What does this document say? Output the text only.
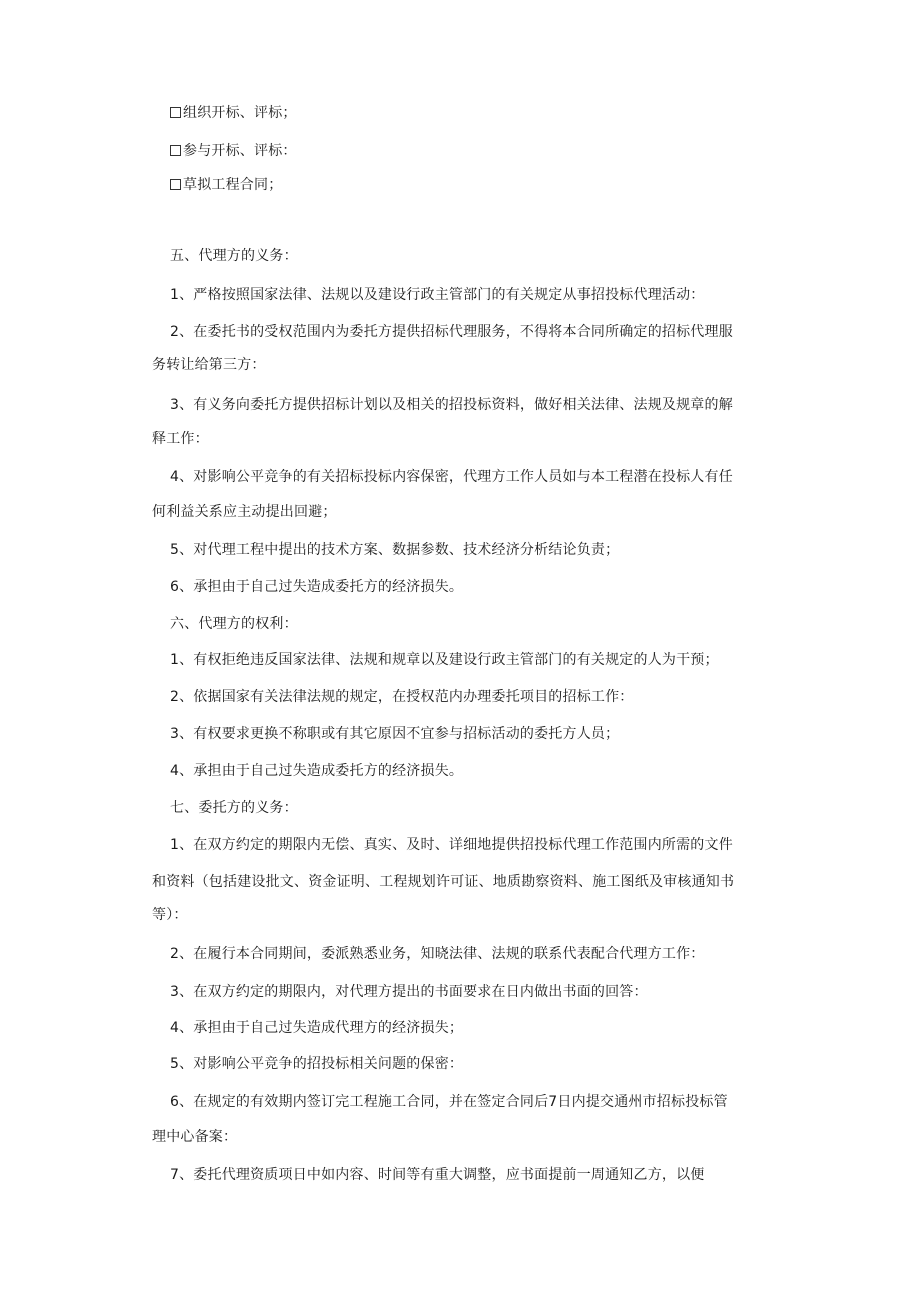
组织开标、评标；
参与开标、评标：
草拟工程合同；
五、代理方的义务：
1、严格按照国家法律、法规以及建设行政主管部门的有关规定从事招投标代理活动：
2、在委托书的受权范围内为委托方提供招标代理服务，不得将本合同所确定的招标代理服
务转让给第三方：
3、有义务向委托方提供招标计划以及相关的招投标资料，做好相关法律、法规及规章的解
释工作：
4、对影响公平竞争的有关招标投标内容保密，代理方工作人员如与本工程潜在投标人有任
何利益关系应主动提出回避；
5、对代理工程中提出的技术方案、数据参数、技术经济分析结论负责；
6、承担由于自己过失造成委托方的经济损失。
六、代理方的权利：
1、有权拒绝违反国家法律、法规和规章以及建设行政主管部门的有关规定的人为干预；
2、依据国家有关法律法规的规定，在授权范内办理委托项目的招标工作：
3、有权要求更换不称职或有其它原因不宜参与招标活动的委托方人员；
4、承担由于自己过失造成委托方的经济损失。
七、委托方的义务：
1、在双方约定的期限内无偿、真实、及时、详细地提供招投标代理工作范围内所需的文件
和资料（包括建设批文、资金证明、工程规划许可证、地质勘察资料、施工图纸及审核通知书
等）：
2、在履行本合同期间，委派熟悉业务，知晓法律、法规的联系代表配合代理方工作：
3、在双方约定的期限内，对代理方提出的书面要求在日内做出书面的回答：
4、承担由于自己过失造成代理方的经济损失；
5、对影响公平竞争的招投标相关问题的保密：
6、在规定的有效期内签订完工程施工合同，并在签定合同后7日内提交通州市招标投标管
理中心备案：
7、委托代理资质项日中如内容、时间等有重大调整，应书面提前一周通知乙方，以便
